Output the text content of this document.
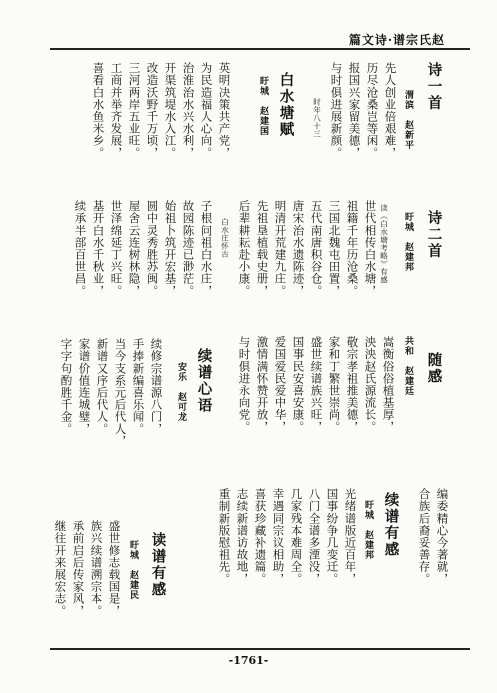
篇文诗·谱宗氏赵
诗一首
渭滨　赵新平
先人创业倍艰难，
历尽沧桑岂等闲。
报国兴家留美德，
与时俱进展新颜。
时年八十三
白水塘赋
盱城　赵建国
英明决策共产党，
为民造福人心向。
治淮治水兴水利，
开渠筑堤水入江。
改造沃野千万顷，
三河两岸五业旺。
工商并举齐发展，
喜看白水鱼米乡。
诗二首
盱城　赵建邦
读《白水塘考略》有感
世代相传白水塘，
祖籍千年历沧桑。
三国北魏屯田置，
五代南唐积谷仓。
唐宋治水遗陈迹，
明清开荒建九庄。
先祖垦植载史册，
后辈耕耘赴小康。
白水庄怀古
子根问祖白水庄，
故园陈迹已渺茫。
始祖卜筑开宏基，
圆中灵秀胜苏闽。
屋舍云连树林隐，
世泽绵延丁兴旺。
基开白水千秋业，
续承半部百世昌。
随感
共和　赵建廷
嵩衡俗俗植基厚，
泱泱赵氏源流长。
敬宗孝祖推美德，
家和丁繁世崇尚。
盛世续谱族兴旺，
国事民安喜安康。
爱国爱民爱中华，
激情满怀赞开放，
与时俱进永向党。
续谱心语
安乐　赵可龙
续修宗谱源八门，
手捧新编喜乐闻。
当今支系元后代人，
新谱又序后代人。
家谱价值连城璧，
字字句酌胜千金。
编委精心今著就，
合族后裔妥善存。
续谱有感
盱城　赵建邦
光绪谱版近百年，
国事纷争几变迁。
八门全谱多湮没，
几家残本难周全。
幸遇同宗议相助，
喜获珍藏补遗篇。
志续新谱访故地，
重制新版慰祖先。
读谱有感
盱城　赵建民
盛世修志载国是，
族兴续谱溯宗本。
承前启后传家风，
继往开来展宏志。
-1761-
